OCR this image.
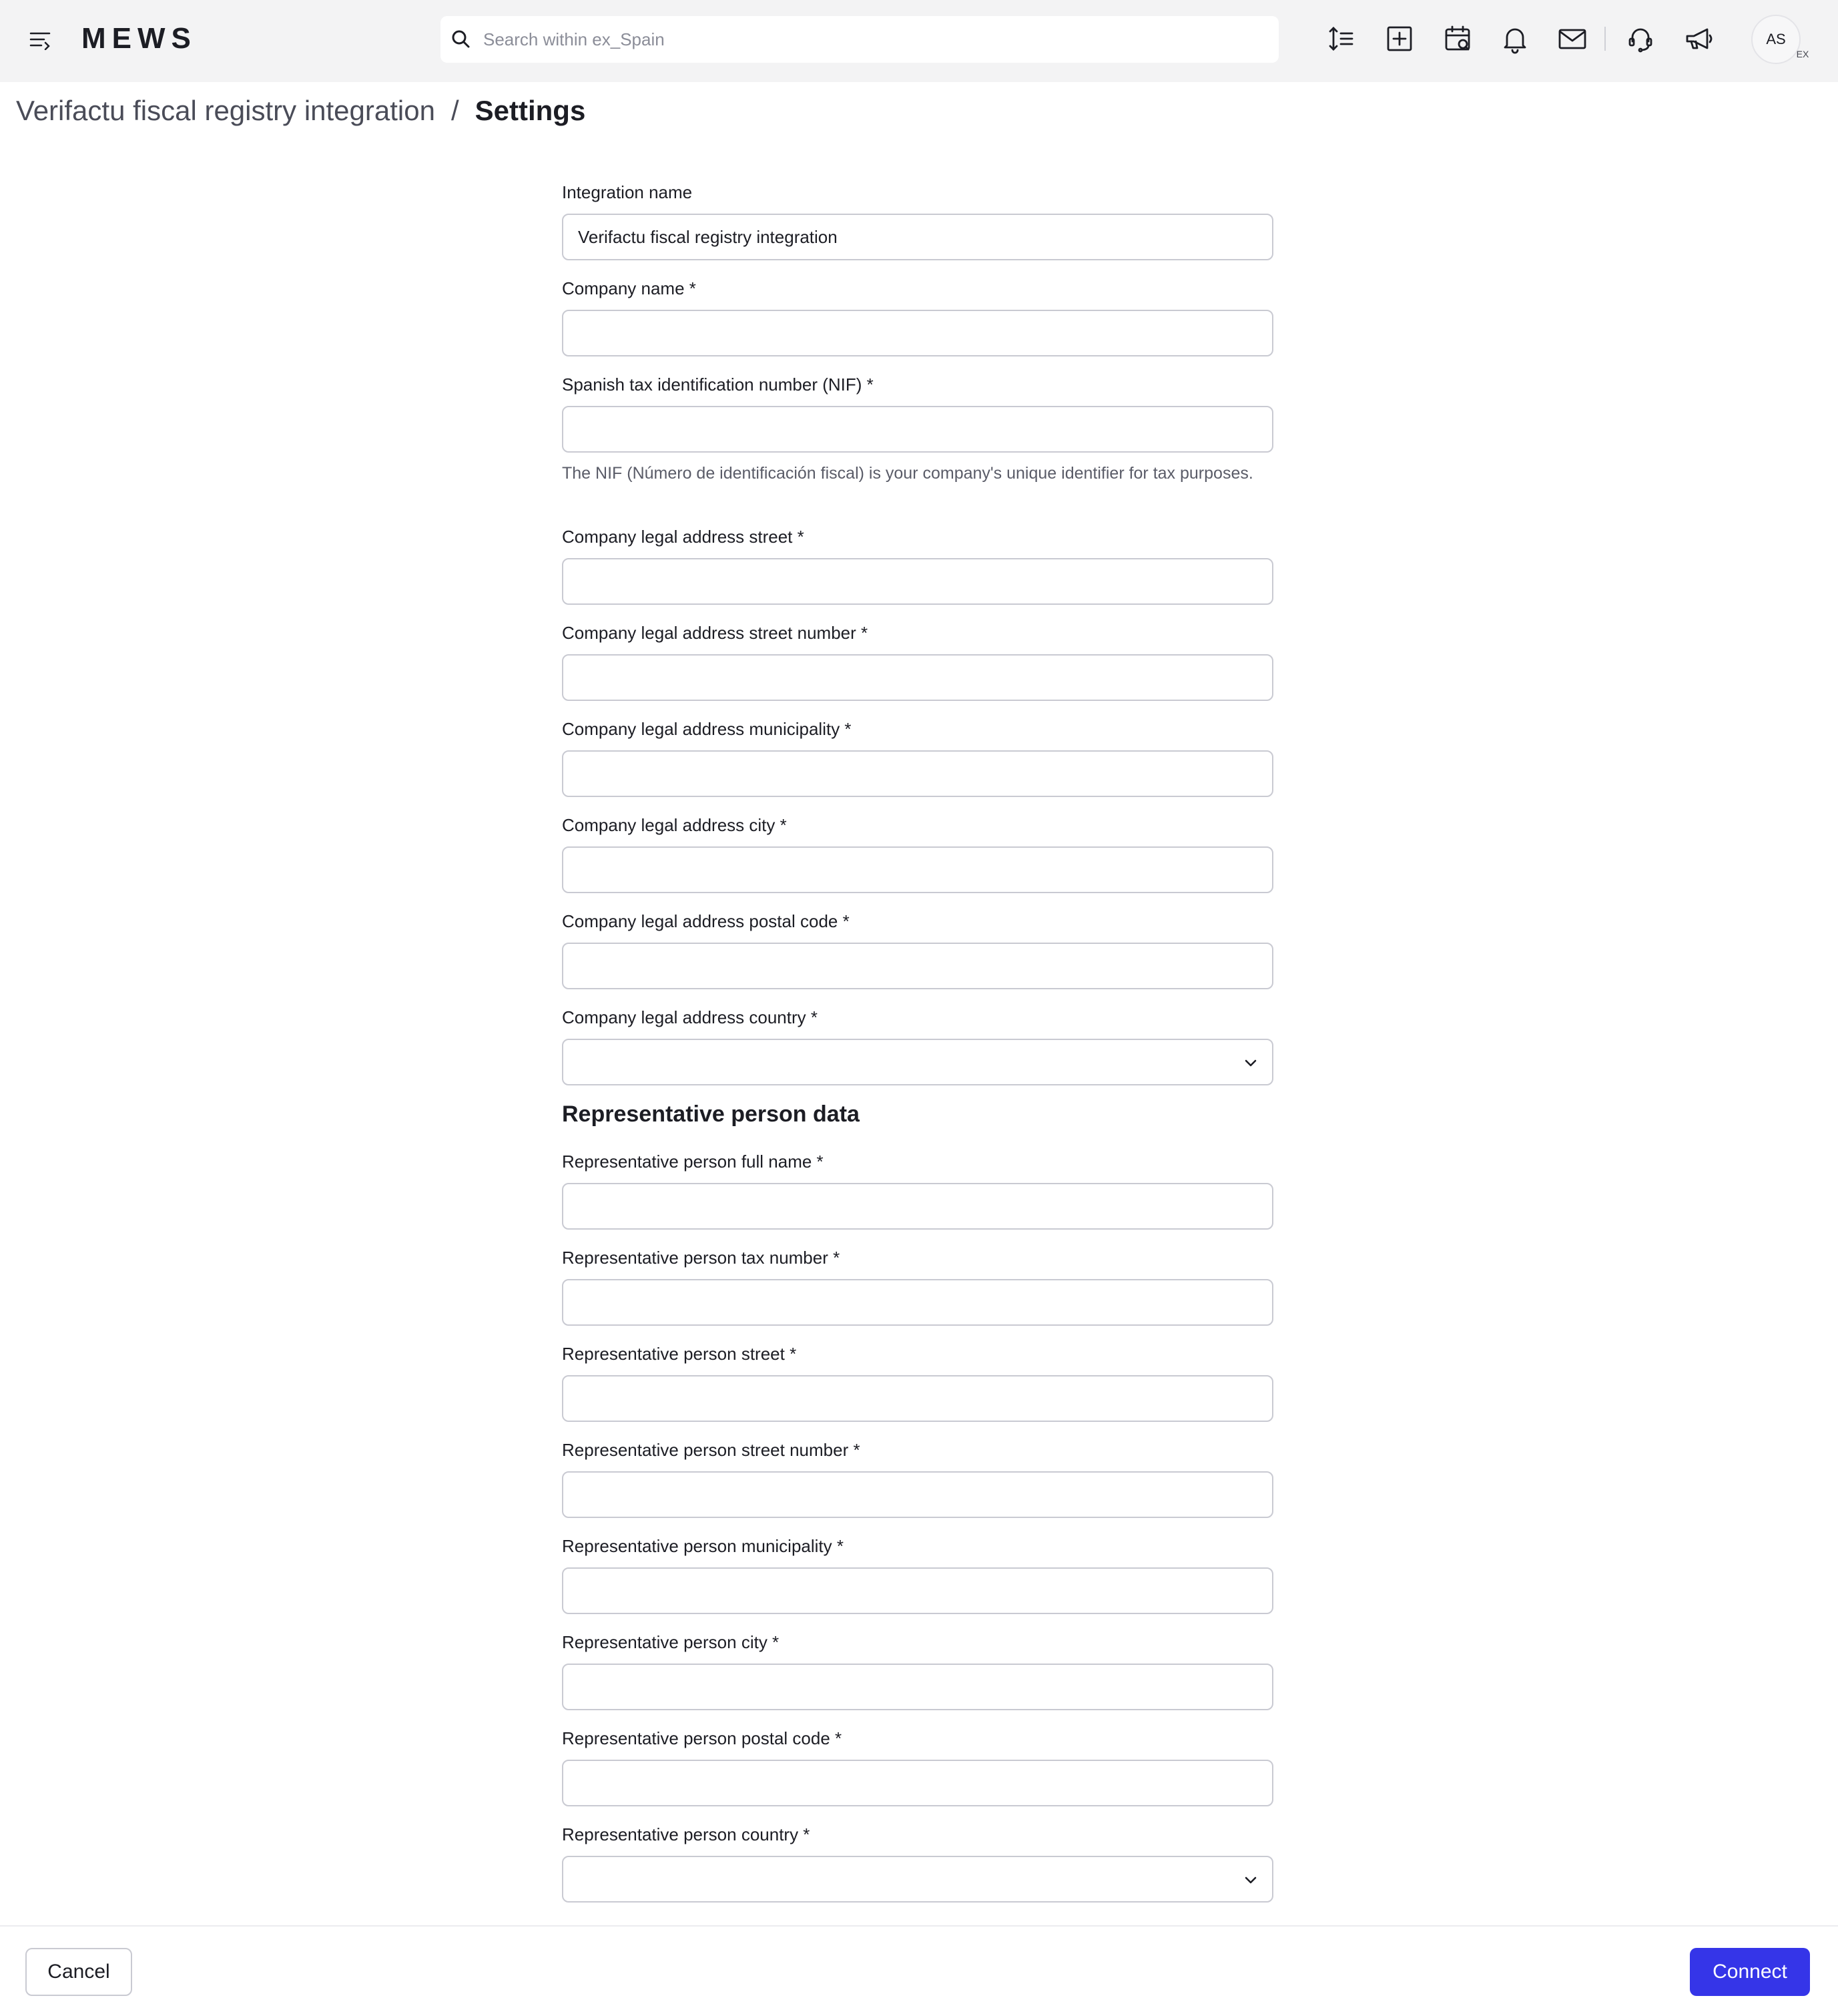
MEWS
Search within ex_Spain	AS
EX
Verifactu fiscal registry integration / Settings
Integration name
Verifactu fiscal registry integration
Company name *
Spanish tax identification number (NIF) *
The NIF (Número de identificación fiscal) is your company's unique identifier for tax purposes.
Company legal address street *
Company legal address street number *
Company legal address municipality *
Company legal address city *
Company legal address postal code *
Company legal address country *
Representative person data
Representative person full name *
Representative person tax number *
Representative person street *
Representative person street number *
Representative person municipality *
Representative person city *
Representative person postal code *
Representative person country *
Cancel	Connect
